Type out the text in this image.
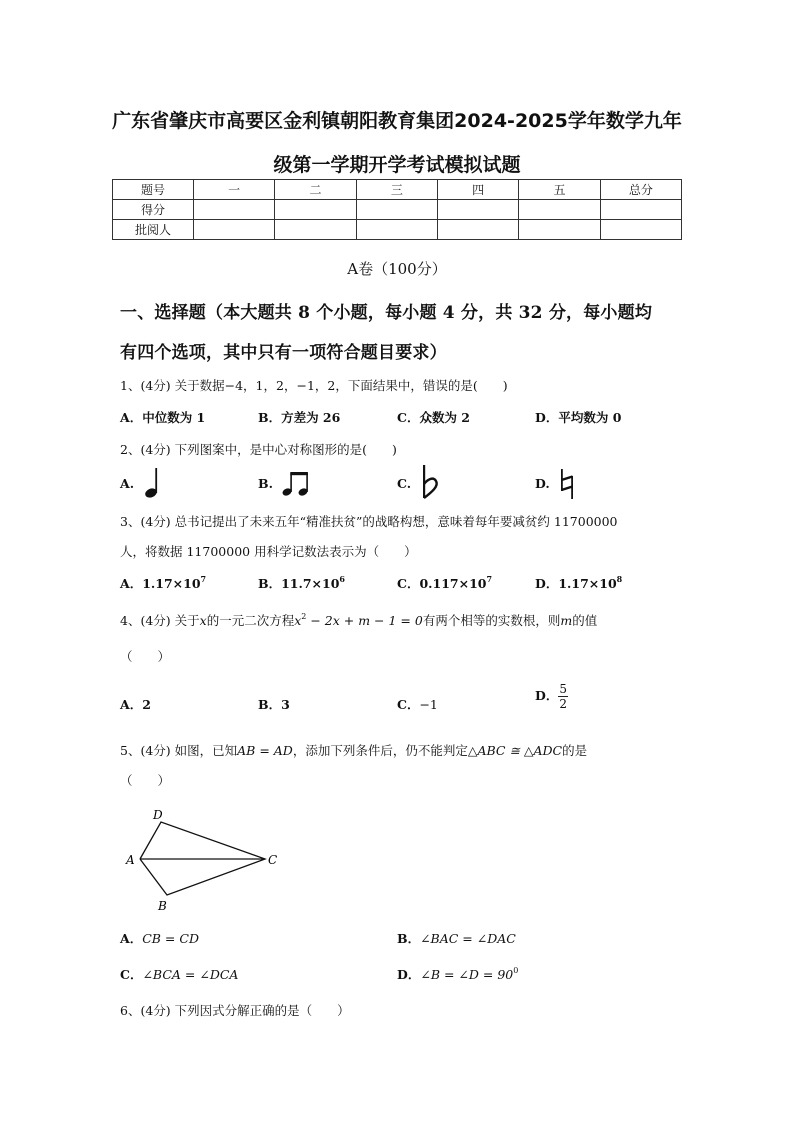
广东省肇庆市高要区金利镇朝阳教育集团2024-2025学年数学九年
级第一学期开学考试模拟试题
题号	一	二	三	四	五	总分
得分						
批阅人						
A卷（100分）
一、选择题（本大题共 8 个小题，每小题 4 分，共 32 分，每小题均
有四个选项，其中只有一项符合题目要求）
1、(4分) 关于数据−4，1，2，−1，2，下面结果中，错误的是(　　)
A．中位数为 1	B．方差为 26	C．众数为 2	D．平均数为 0
2、(4分) 下列图案中，是中心对称图形的是(　　)
A.	B.	C.	D.
3、(4分) 总书记提出了未来五年“精准扶贫”的战略构想，意味着每年要减贫约 11700000
人，将数据 11700000 用科学记数法表示为（　　）
A．$1.17\times 10^7$	B．$11.7\times 10^6$	C．$0.117\times 10^7$	D．$1.17\times 10^8$
4、(4分) 关于x的一元二次方程$x^2 - 2x + m - 1 = 0$有两个相等的实数根，则m的值
（　　）
A．2	B．3	C．−1
D． $\frac{5}{2}$
5、(4分) 如图，已知AB = AD，添加下列条件后，仍不能判定△ABC ≅ △ADC的是
（　　）
D
A
B
C
A．CB = CD	B．∠BAC = ∠DAC
C．∠BCA = ∠DCA	D．∠B = ∠D = $90^0$
6、(4分) 下列因式分解正确的是（　　）
